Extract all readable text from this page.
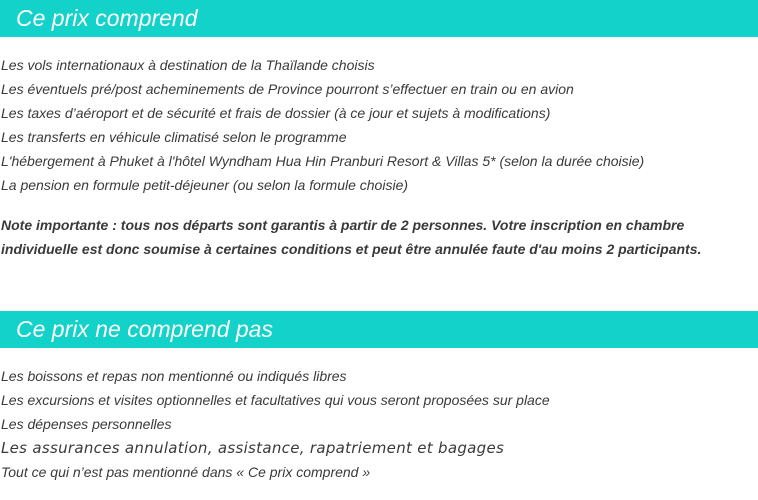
Ce prix comprend
Les vols internationaux à destination de la Thaïlande choisis
Les éventuels pré/post acheminements de Province pourront s’effectuer en train ou en avion
Les taxes d’aéroport et de sécurité et frais de dossier (à ce jour et sujets à modifications)
Les transferts en véhicule climatisé selon le programme
L'hébergement à Phuket à l'hôtel Wyndham Hua Hin Pranburi Resort & Villas 5* (selon la durée choisie)
La pension en formule petit-déjeuner (ou selon la formule choisie)

Note importante : tous nos départs sont garantis à partir de 2 personnes. Votre inscription en chambre individuelle est donc soumise à certaines conditions et peut être annulée faute d'au moins 2 participants.

Ce prix ne comprend pas
Les boissons et repas non mentionné ou indiqués libres
Les excursions et visites optionnelles et facultatives qui vous seront proposées sur place
Les dépenses personnelles
Les assurances annulation, assistance, rapatriement et bagages
Tout ce qui n’est pas mentionné dans « Ce prix comprend »
